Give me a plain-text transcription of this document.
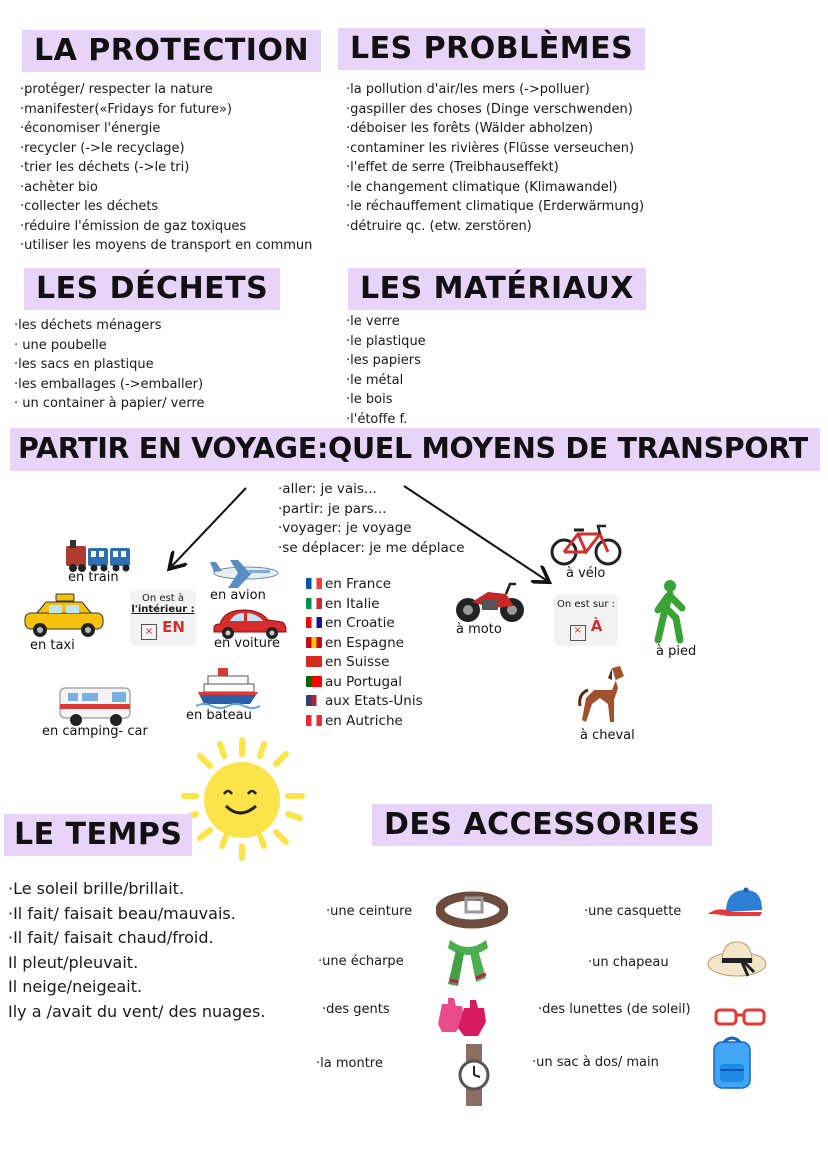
LA PROTECTION
·protéger/ respecter la nature
·manifester(«Fridays for future»)
·économiser l'énergie
·recycler (->le recyclage)
·trier les déchets (->le tri)
·achèter bio
·collecter les déchets
·réduire l'émission de gaz toxiques
·utiliser les moyens de transport en commun
LES PROBLÈMES
·la pollution d'air/les mers (->polluer)
·gaspiller des choses (Dinge verschwenden)
·déboiser les forêts (Wälder abholzen)
·contaminer les rivières (Flüsse verseuchen)
·l'effet de serre (Treibhauseffekt)
·le changement climatique (Klimawandel)
·le réchauffement climatique (Erderwärmung)
·détruire qc. (etw. zerstören)
LES DÉCHETS
·les déchets ménagers
· une poubelle
·les sacs en plastique
·les emballages (->emballer)
· un container à papier/ verre
LES MATÉRIAUX
·le verre
·le plastique
·les papiers
·le métal
·le bois
·l'étoffe f.
PARTIR EN VOYAGE:QUEL MOYENS DE TRANSPORT
·aller: je vais...
·partir: je pars...
·voyager: je voyage
·se déplacer: je me déplace
en train
en avion
en taxi
On est à
l'intérieur :
× EN
en voiture
en camping- car
en bateau
en France
en Italie
en Croatie
en Espagne
en Suisse
au Portugal
aux Etats-Unis
en Autriche
à vélo
à moto
On est sur :
× À
à pied
à cheval
LE TEMPS
·Le soleil brille/brillait.
·Il fait/ faisait beau/mauvais.
·Il fait/ faisait chaud/froid.
Il pleut/pleuvait.
Il neige/neigeait.
Ily a /avait du vent/ des nuages.
DES ACCESSORIES
·une ceinture
·une écharpe
·des gents
·la montre
·une casquette
·un chapeau
·des lunettes (de soleil)
·un sac à dos/ main
